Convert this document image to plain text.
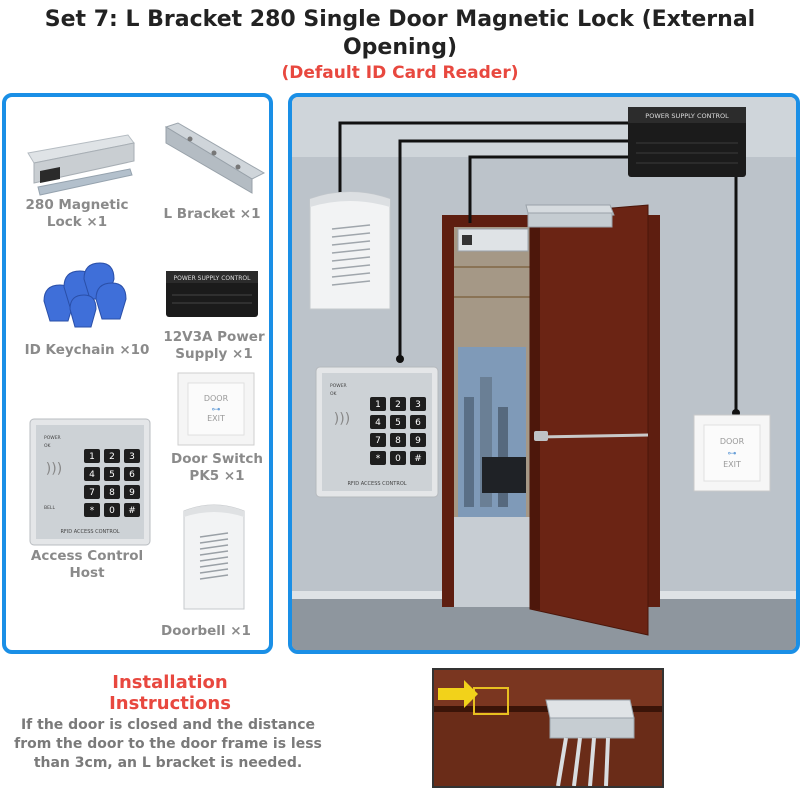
Set 7: L Bracket 280 Single Door Magnetic Lock (External Opening)
(Default ID Card Reader)
280 Magnetic Lock ×1	L Bracket ×1
ID Keychain ×10
POWER SUPPLY CONTROL
12V3A Power Supply ×1
DOOR
EXIT
⊶
Door Switch PK5 ×1
POWER
OK
RFID ACCESS CONTROL
BELL
)))
1 2 3
4 5 6
7 8 9
* 0 #
Access Control Host
Doorbell ×1
POWER SUPPLY CONTROL
POWER
OK
RFID ACCESS CONTROL
)))
1 2 3
4 5 6
7 8 9
* 0 #
DOOR
EXIT
⊶
Installation Instructions
If the door is closed and the distance from the door to the door frame is less than 3cm, an L bracket is needed.
